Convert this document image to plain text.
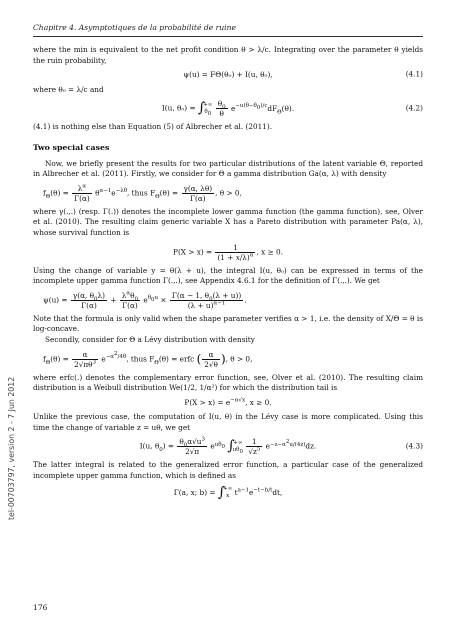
Chapitre 4. Asymptotiques de la probabilité de ruine
tel-00703797, version 2 - 7 Jun 2012

where the min is equivalent to the net profit condition θ > λ/c. Integrating over the parameter θ yields the ruin probability,

ψ(u) = FΘ(θ₀) + I(u, θ₀),	(4.1)

where θ₀ = λ/c and

I(u, θ₀) = ∫+∞
$\theta_0 \frac{\theta_0}{\theta} e^{-u(\theta-\theta_0)/c}dF_\Theta(\theta)$.	(4.2)

(4.1) is nothing else than Equation (5) of Albrecher et al. (2011).

Two special cases

Now, we briefly present the results for two particular distributions of the latent variable Θ, reported in Albrecher et al. (2011). Firstly, we consider for Θ a gamma distribution Ga(α, λ) with density

$f_\Theta(\theta) = \frac{\lambda^\alpha}{\Gamma(\alpha)} \theta^{\alpha-1}e^{-\lambda\theta}$, thus $F_\Theta(\theta) = \frac{\gamma(\alpha, \lambda\theta)}{\Gamma(\alpha)}$ , θ > 0,

where γ(.,.) (resp. Γ(.)) denotes the incomplete lower gamma function (the gamma function), see, Olver et al. (2010). The resulting claim generic variable X has a Pareto distribution with parameter Pa(α, λ), whose survival function is

$P(X > x) = \frac{1}{(1 + x/\lambda)^\alpha}$ , x ≥ 0.

Using the change of variable y = θ(λ + u), the integral I(u, θ₀) can be expressed in terms of the incomplete upper gamma function Γ(.,.), see Appendix 4.6.1 for the definition of Γ(.,.). We get

$\psi(u) = \frac{\gamma(\alpha, \theta_0\lambda)}{\Gamma(\alpha)} + \frac{\lambda^\alpha\theta_0}{\Gamma(\alpha)} e^{\theta_0u} \times \frac{\Gamma(\alpha - 1, \theta_0(\lambda + u))}{(\lambda + u)^{\alpha-1}}$ .

Note that the formula is only valid when the shape parameter verifies α > 1, i.e. the density of X/Θ = θ is log-concave.

Secondly, consider for Θ a Lévy distribution with density

$f_\Theta(\theta) = \frac{\alpha}{2√\pi\theta^3} e^{-\alpha^2/4\theta}$, thus $F_\Theta(\theta)$ = erfc ( $\frac{\alpha}{2√\theta}$ ), θ > 0,

where erfc(.) denotes the complementary error function, see, Olver et al. (2010). The resulting claim distribution is a Weibull distribution We(1/2, 1/α²) for which the distribution tail is

$P(X > x) = e^{-\alpha√x}$, x ≥ 0.

Unlike the previous case, the computation of I(u, θ) in the Lévy case is more complicated. Using this time the change of variable z = uθ, we get

I(u, $\theta_0) = \frac{\theta_0\alpha√u^3}{2√\pi} e^{u\theta_0}$ ∫+∞
$u\theta_0 \frac{1}{√z^5} e^{-z-\alpha^2u/(4z)}dz$.	(4.3)

The latter integral is related to the generalized error function, a particular case of the generalized incomplete upper gamma function, which is defined as

Γ(a, x; b) = ∫+∞
x $t^{a-1}e^{-t-b/t}dt$,
176
